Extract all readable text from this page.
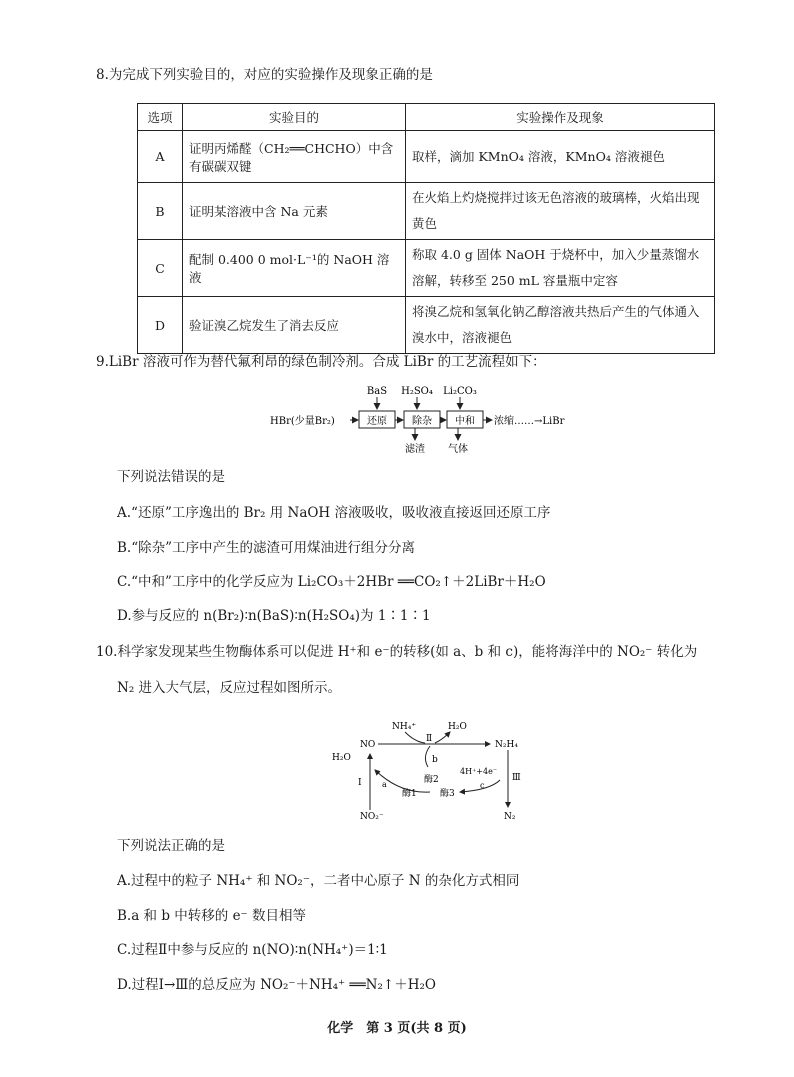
8.为完成下列实验目的，对应的实验操作及现象正确的是
选项	实验目的	实验操作及现象
A	证明丙烯醛（CH₂══CHCHO）中含有碳碳双键	取样，滴加 KMnO₄ 溶液，KMnO₄ 溶液褪色
B	证明某溶液中含 Na 元素	在火焰上灼烧搅拌过该无色溶液的玻璃棒，火焰出现黄色
C	配制 0.400 0 mol·L⁻¹的 NaOH 溶液	称取 4.0 g 固体 NaOH 于烧杯中，加入少量蒸馏水溶解，转移至 250 mL 容量瓶中定容
D	验证溴乙烷发生了消去反应	将溴乙烷和氢氧化钠乙醇溶液共热后产生的气体通入溴水中，溶液褪色
9.LiBr 溶液可作为替代氟利昂的绿色制冷剂。合成 LiBr 的工艺流程如下：
HBr(少量Br₂)	还原	除杂 中和 浓缩……→LiBr
BaS H₂SO₄ Li₂CO₃
滤渣 气体
下列说法错误的是
A.“还原”工序逸出的 Br₂ 用 NaOH 溶液吸收，吸收液直接返回还原工序
B.“除杂”工序中产生的滤渣可用煤油进行组分分离
C.“中和”工序中的化学反应为 Li₂CO₃＋2HBr ══CO₂↑＋2LiBr＋H₂O
D.参与反应的 n(Br₂)∶n(BaS)∶n(H₂SO₄)为 1∶1∶1
10.科学家发现某些生物酶体系可以促进 H⁺和 e⁻的转移(如 a、b 和 c)，能将海洋中的 NO₂⁻ 转化为
N₂ 进入大气层，反应过程如图所示。
NH₄⁺	H₂O
NO	N₂H₄
H₂O
Ⅱ
b
酶2	Ⅲ
4H⁺+4e⁻
c
酶3
N₂
a
酶1
Ⅰ
NO₂⁻
下列说法正确的是
A.过程中的粒子 NH₄⁺ 和 NO₂⁻，二者中心原子 N 的杂化方式相同
B.a 和 b 中转移的 e⁻ 数目相等
C.过程Ⅱ中参与反应的 n(NO)∶n(NH₄⁺)＝1∶1
D.过程Ⅰ→Ⅲ的总反应为 NO₂⁻＋NH₄⁺ ══N₂↑＋H₂O
化学　第 3 页(共 8 页)
